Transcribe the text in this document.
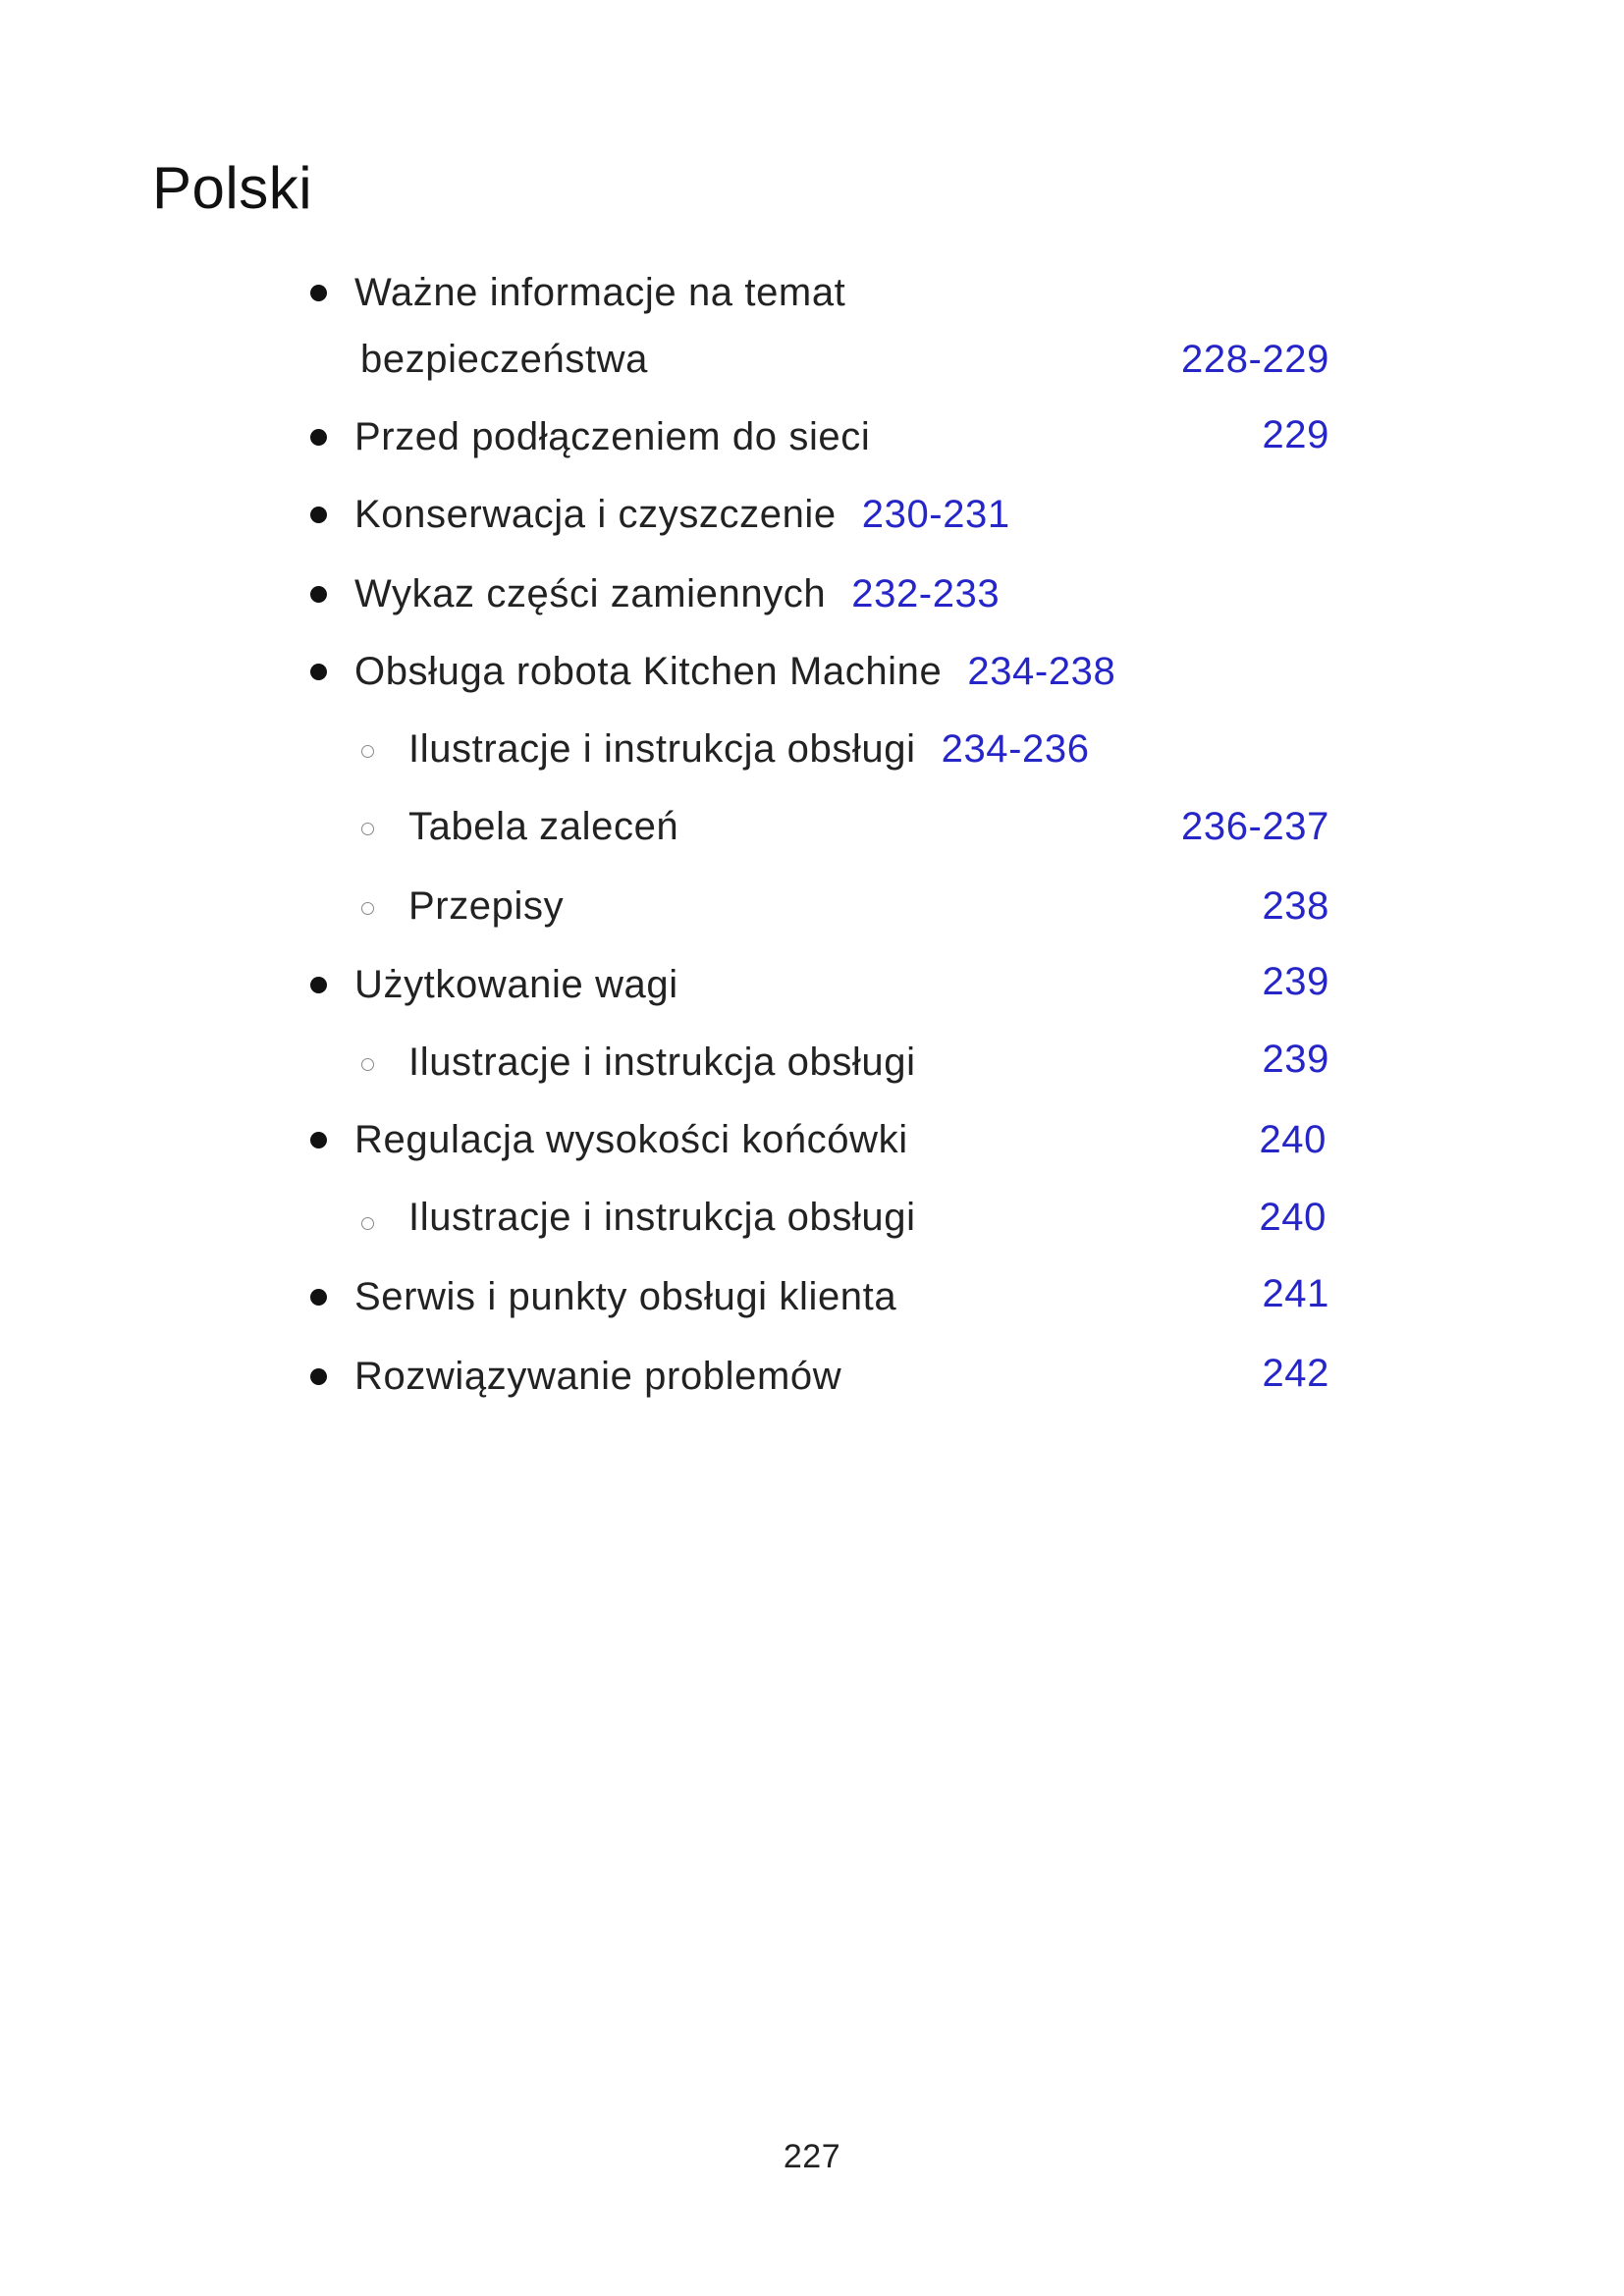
Polski
Ważne informacje na temat
bezpieczeństwa	228-229
Przed podłączeniem do sieci	229
Konserwacja i czyszczenie 230-231
Wykaz części zamiennych 232-233
Obsługa robota Kitchen Machine 234-238
Ilustracje i instrukcja obsługi 234-236
Tabela zaleceń	236-237
Przepisy	238
Użytkowanie wagi	239
Ilustracje i instrukcja obsługi	239
Regulacja wysokości końcówki	240
Ilustracje i instrukcja obsługi	240
Serwis i punkty obsługi klienta	241
Rozwiązywanie problemów	242
227
